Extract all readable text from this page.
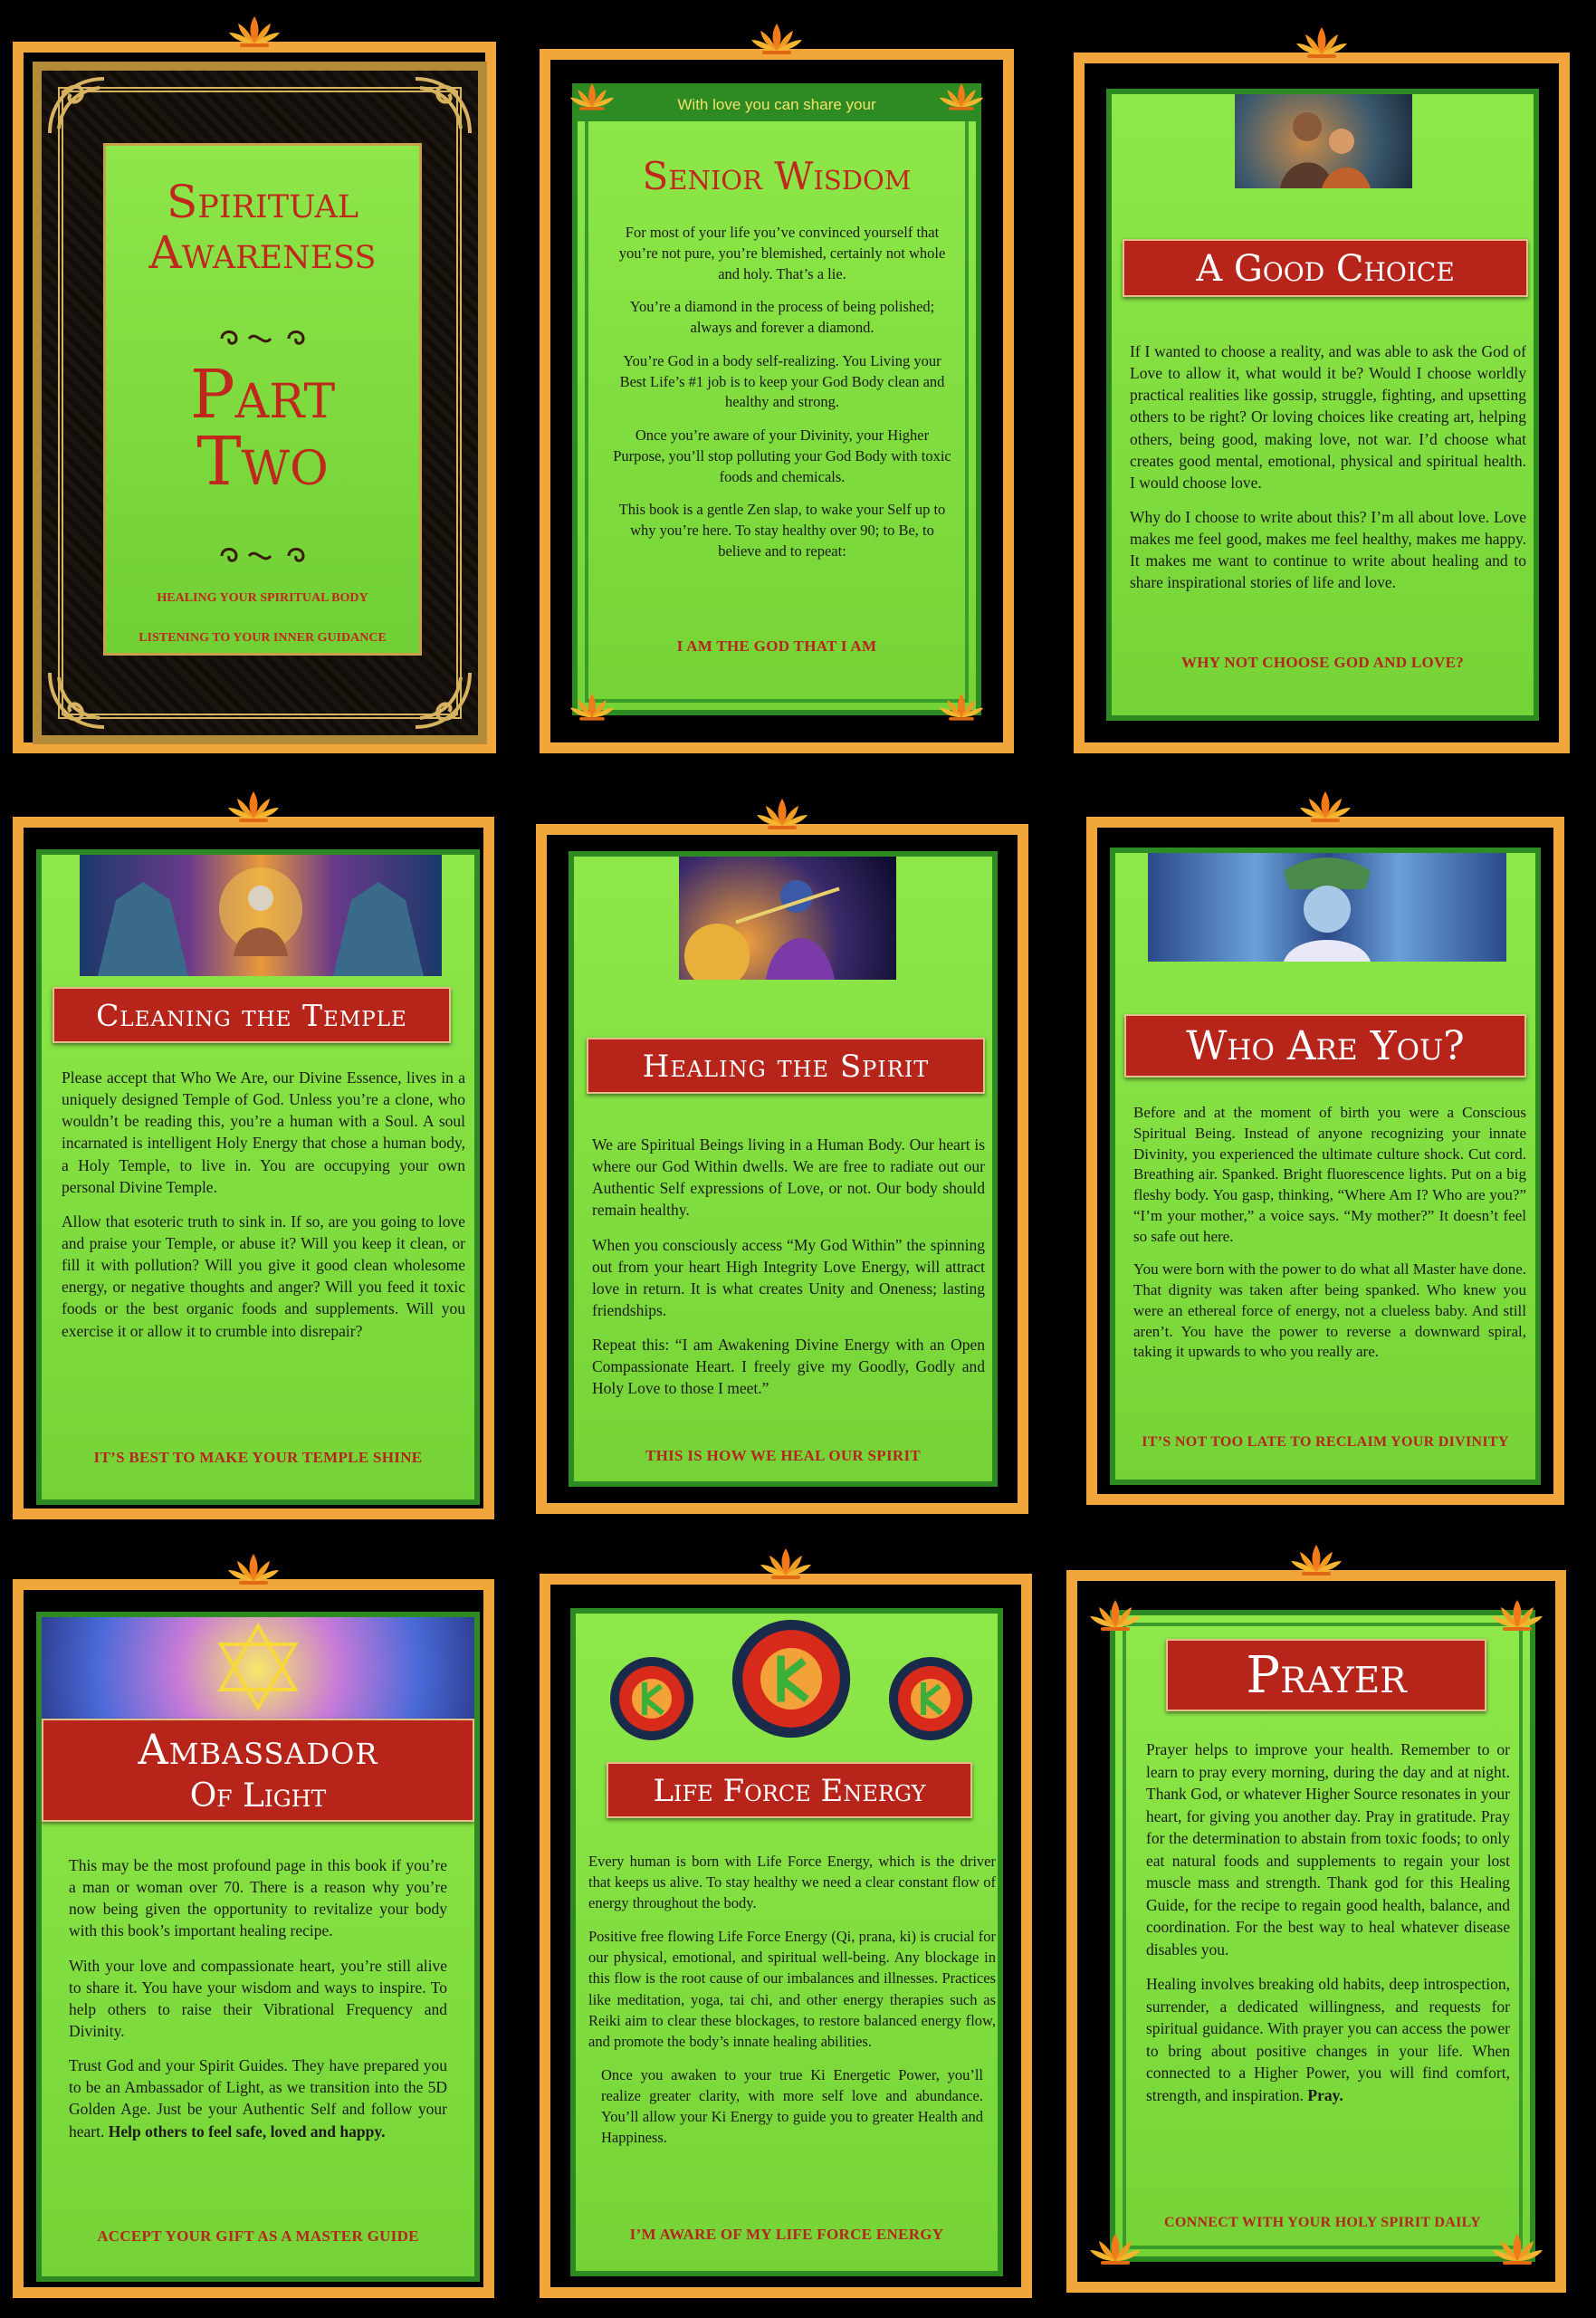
Spiritual
Awareness
Part
Two
HEALING YOUR SPIRITUAL BODY
LISTENING TO YOUR INNER GUIDANCE
With love you can share your
Senior Wisdom

For most of your life you’ve convinced yourself that you’re not pure, you’re blemished, certainly not whole and holy. That’s a lie.

You’re a diamond in the process of being polished; always and forever a diamond.

You’re God in a body self-realizing. You Living your Best Life’s #1 job is to keep your God Body clean and healthy and strong.

Once you’re aware of your Divinity, your Higher Purpose, you’ll stop polluting your God Body with toxic foods and chemicals.

This book is a gentle Zen slap, to wake your Self up to why you’re here. To stay healthy over 90; to Be, to believe and to repeat:

I AM THE GOD THAT I AM
A Good Choice

If I wanted to choose a reality, and was able to ask the God of Love to allow it, what would it be? Would I choose worldly practical realities like gossip, struggle, fighting, and upsetting others to be right? Or loving choices like creating art, helping others, being good, making love, not war. I’d choose what creates good mental, emotional, physical and spiritual health. I would choose love.

Why do I choose to write about this? I’m all about love. Love makes me feel good, makes me feel healthy, makes me happy. It makes me want to continue to write about healing and to share inspirational stories of life and love.

WHY NOT CHOOSE GOD AND LOVE?
Cleaning the Temple

Please accept that Who We Are, our Divine Essence, lives in a uniquely designed Temple of God. Unless you’re a clone, who wouldn’t be reading this, you’re a human with a Soul. A soul incarnated is intelligent Holy Energy that chose a human body, a Holy Temple, to live in. You are occupying your own personal Divine Temple.

Allow that esoteric truth to sink in. If so, are you going to love and praise your Temple, or abuse it? Will you keep it clean, or fill it with pollution? Will you give it good clean wholesome energy, or negative thoughts and anger? Will you feed it toxic foods or the best organic foods and supplements. Will you exercise it or allow it to crumble into disrepair?

IT’S BEST TO MAKE YOUR TEMPLE SHINE
Healing the Spirit

We are Spiritual Beings living in a Human Body. Our heart is where our God Within dwells. We are free to radiate out our Authentic Self expressions of Love, or not. Our body should remain healthy.

When you consciously access “My God Within” the spinning out from your heart High Integrity Love Energy, will attract love in return. It is what creates Unity and Oneness; lasting friendships.

Repeat this: “I am Awakening Divine Energy with an Open Compassionate Heart. I freely give my Goodly, Godly and Holy Love to those I meet.”

THIS IS HOW WE HEAL OUR SPIRIT
Who Are You?

Before and at the moment of birth you were a Conscious Spiritual Being. Instead of anyone recognizing your innate Divinity, you experienced the ultimate culture shock. Cut cord. Breathing air. Spanked. Bright fluorescence lights. Put on a big fleshy body. You gasp, thinking, “Where Am I? Who are you?” “I’m your mother,” a voice says. “My mother?” It doesn’t feel so safe out here.

You were born with the power to do what all Master have done. That dignity was taken after being spanked. Who knew you were an ethereal force of energy, not a clueless baby. And still aren’t. You have the power to reverse a downward spiral, taking it upwards to who you really are.

IT’S NOT TOO LATE TO RECLAIM YOUR DIVINITY
Ambassador
Of Light

This may be the most profound page in this book if you’re a man or woman over 70. There is a reason why you’re now being given the opportunity to revitalize your body with this book’s important healing recipe.

With your love and compassionate heart, you’re still alive to share it. You have your wisdom and ways to inspire. To help others to raise their Vibrational Frequency and Divinity.

Trust God and your Spirit Guides. They have prepared you to be an Ambassador of Light, as we transition into the 5D Golden Age. Just be your Authentic Self and follow your heart. Help others to feel safe, loved and happy.

ACCEPT YOUR GIFT AS A MASTER GUIDE
Life Force Energy

Every human is born with Life Force Energy, which is the driver that keeps us alive. To stay healthy we need a clear constant flow of energy throughout the body.

Positive free flowing Life Force Energy (Qi, prana, ki) is crucial for our physical, emotional, and spiritual well-being. Any blockage in this flow is the root cause of our imbalances and illnesses. Practices like meditation, yoga, tai chi, and other energy therapies such as Reiki aim to clear these blockages, to restore balanced energy flow, and promote the body’s innate healing abilities.

Once you awaken to your true Ki Energetic Power, you’ll realize greater clarity, with more self love and abundance. You’ll allow your Ki Energy to guide you to greater Health and Happiness.

I’M AWARE OF MY LIFE FORCE ENERGY
Prayer

Prayer helps to improve your health. Remember to or learn to pray every morning, during the day and at night. Thank God, or whatever Higher Source resonates in your heart, for giving you another day. Pray in gratitude. Pray for the determination to abstain from toxic foods; to only eat natural foods and supplements to regain your lost muscle mass and strength. Thank god for this Healing Guide, for the recipe to regain good health, balance, and coordination. For the best way to heal whatever disease disables you.

Healing involves breaking old habits, deep introspection, surrender, a dedicated willingness, and requests for spiritual guidance. With prayer you can access the power to bring about positive changes in your life. When connected to a Higher Power, you will find comfort, strength, and inspiration. Pray.

CONNECT WITH YOUR HOLY SPIRIT DAILY
